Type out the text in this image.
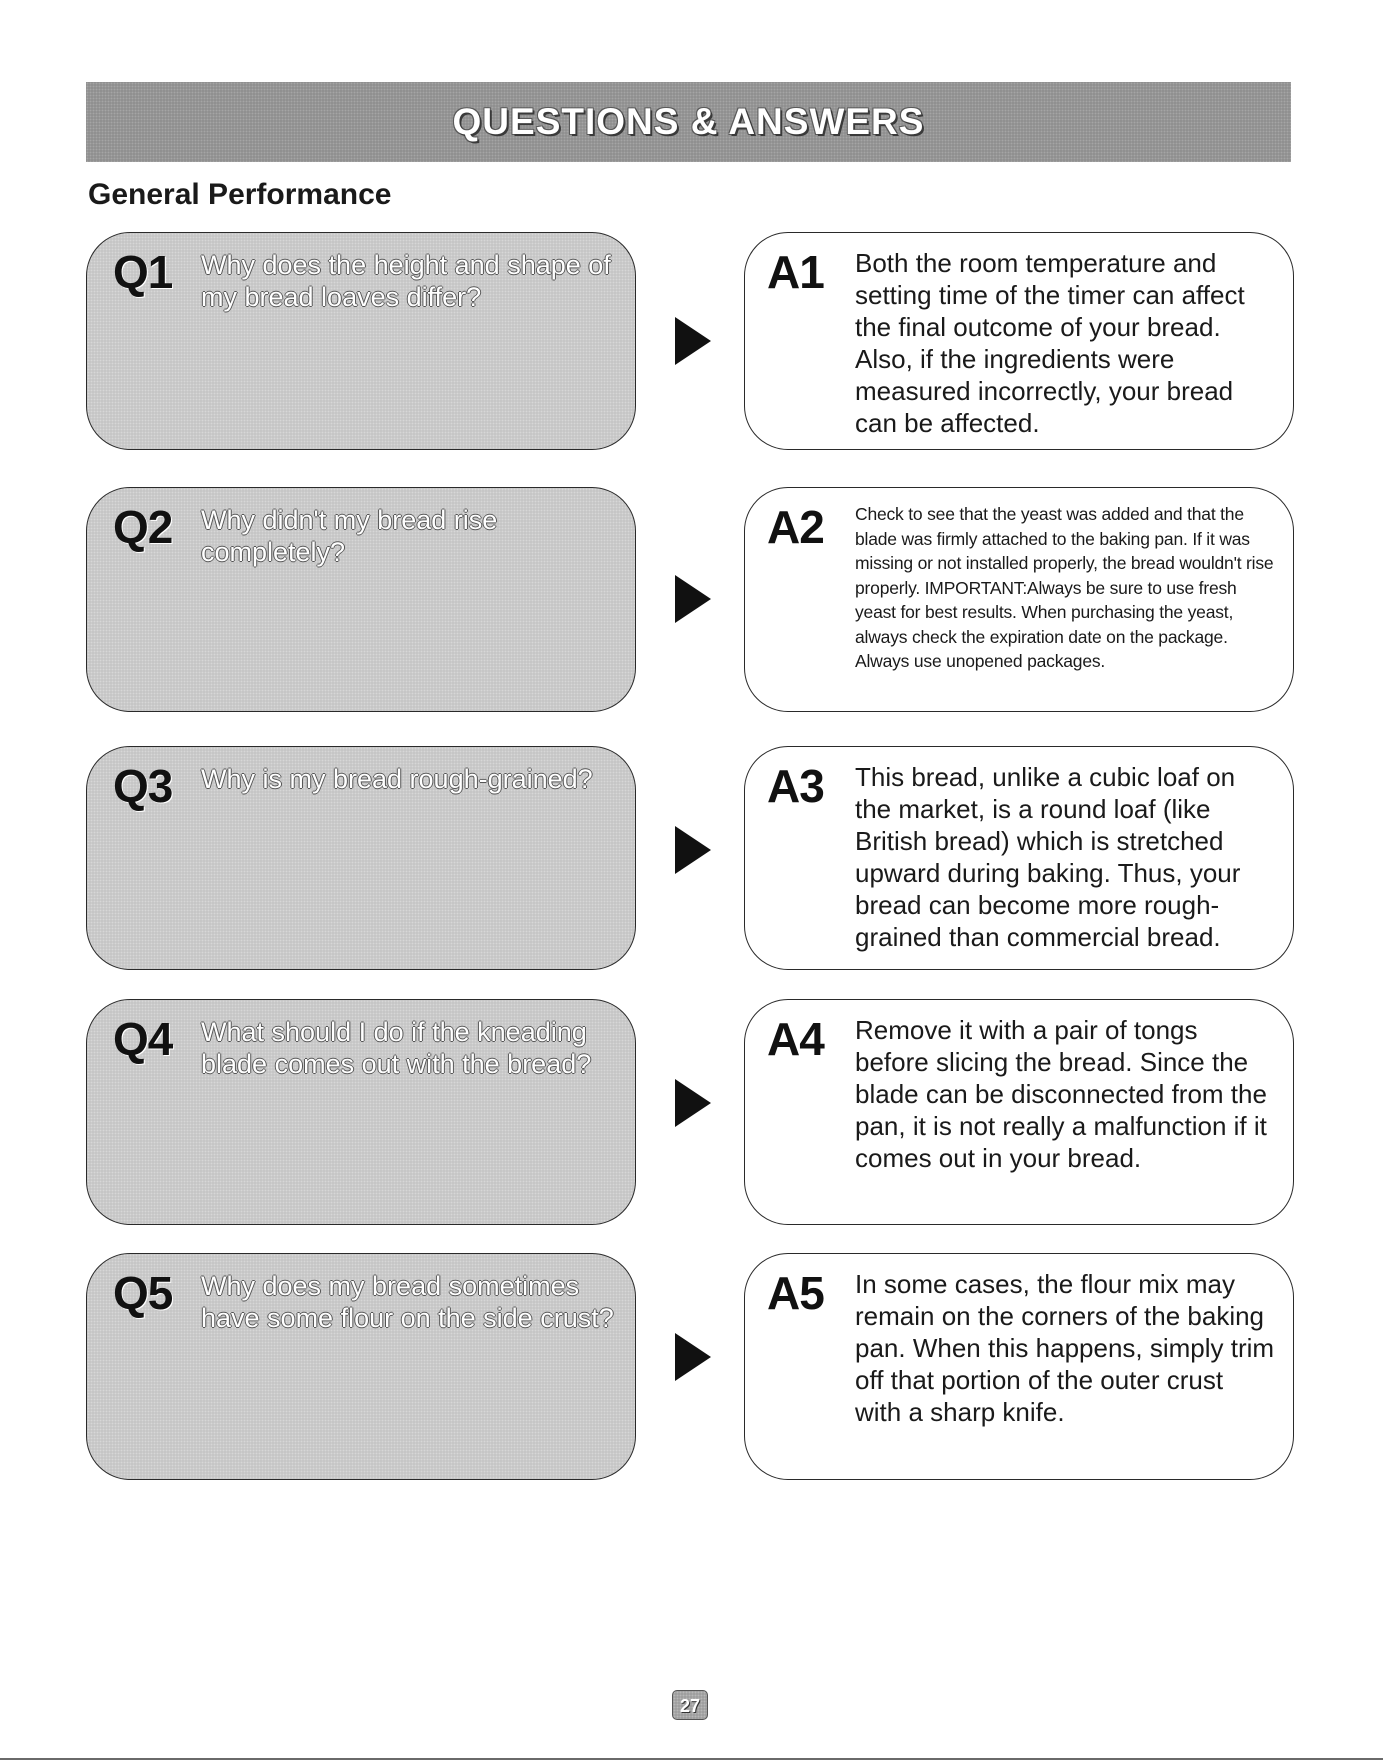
QUESTIONS & ANSWERS
General Performance
Q1 Why does the height and shape of my bread loaves differ?	A1 Both the room temperature and setting time of the timer can affect the final outcome of your bread. Also, if the ingredients were measured incorrectly, your bread can be affected.
Q2 Why didn't my bread rise completely?	A2 Check to see that the yeast was added and that the blade was firmly attached to the baking pan. If it was missing or not installed properly, the bread wouldn't rise properly. IMPORTANT:Always be sure to use fresh yeast for best results. When purchasing the yeast, always check the expiration date on the package. Always use unopened packages.
Q3 Why is my bread rough-grained?	A3 This bread, unlike a cubic loaf on the market, is a round loaf (like British bread) which is stretched upward during baking. Thus, your bread can become more rough-grained than commercial bread.
Q4 What should I do if the kneading blade comes out with the bread?	A4 Remove it with a pair of tongs before slicing the bread. Since the blade can be disconnected from the pan, it is not really a malfunction if it comes out in your bread.
Q5 Why does my bread sometimes have some flour on the side crust?	A5 In some cases, the flour mix may remain on the corners of the baking pan. When this happens, simply trim off that portion of the outer crust with a sharp knife.
27
